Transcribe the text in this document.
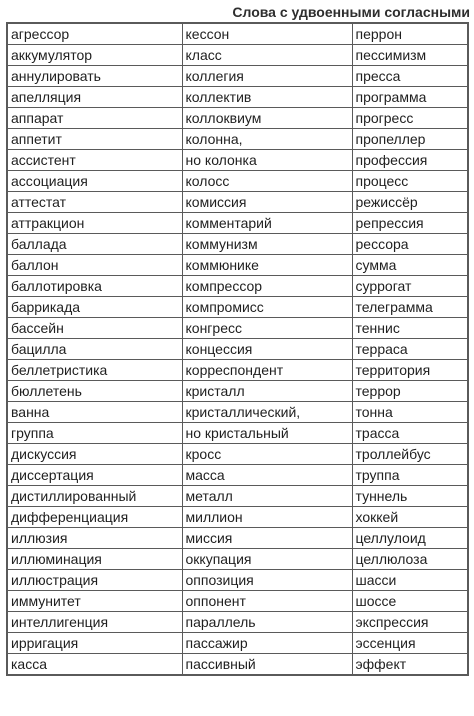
Слова с удвоенными согласными
агрессор	кессон	перрон
аккумулятор	класс	пессимизм
аннулировать	коллегия	пресса
апелляция	коллектив	программа
аппарат	коллоквиум	прогресс
аппетит	колонна,	пропеллер
ассистент	но колонка	профессия
ассоциация	колосс	процесс
аттестат	комиссия	режиссёр
аттракцион	комментарий	репрессия
баллада	коммунизм	рессора
баллон	коммюнике	сумма
баллотировка	компрессор	суррогат
баррикада	компромисс	телеграмма
бассейн	конгресс	теннис
бацилла	концессия	терраса
беллетристика	корреспондент	территория
бюллетень	кристалл	террор
ванна	кристаллический,	тонна
группа	но кристальный	трасса
дискуссия	кросс	троллейбус
диссертация	масса	труппа
дистиллированный	металл	туннель
дифференциация	миллион	хоккей
иллюзия	миссия	целлулоид
иллюминация	оккупация	целлюлоза
иллюстрация	оппозиция	шасси
иммунитет	оппонент	шоссе
интеллигенция	параллель	экспрессия
ирригация	пассажир	эссенция
касса	пассивный	эффект
